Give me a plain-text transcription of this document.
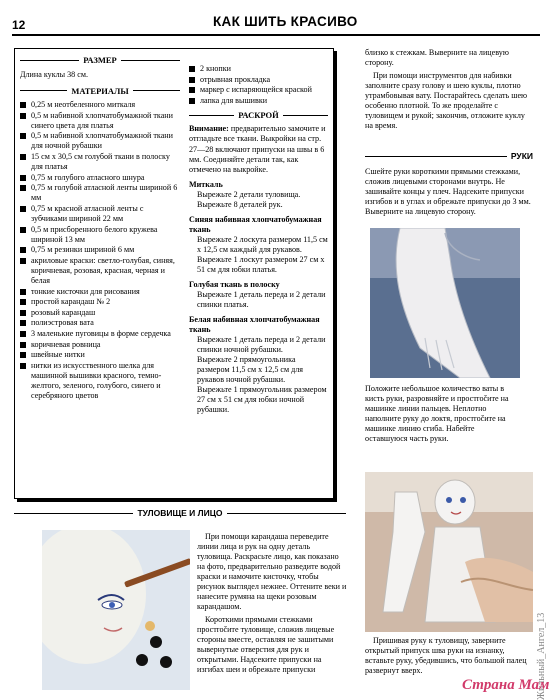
12	КАК ШИТЬ КРАСИВО
РАЗМЕР

Длина куклы 38 см.

МАТЕРИАЛЫ
0,25 м неотбеленного миткаля
0,5 м набивной хлопчатобумажной ткани синего цвета для платья
0,5 м набивной хлопчатобумажной ткани для ночной рубашки
15 см х 30,5 см голубой ткани в полоску для платья
0,75 м голубого атласного шнура
0,75 м голубой атласной ленты шириной 6 мм
0,75 м красной атласной ленты с зубчиками шириной 22 мм
0,5 м присборенного белого кружева шириной 13 мм
0,75 м резинки шириной 6 мм
акриловые краски: светло-голубая, синяя, коричневая, розовая, красная, черная и белая
тонкие кисточки для рисования
простой карандаш № 2
розовый карандаш
полиэстровая вата
3 маленькие пуговицы в форме сердечка
коричневая ровница
швейные нитки
нитки из искусственного шелка для машинной вышивки красного, темно-желтого, зеленого, голубого, синего и серебряного цветов
2 кнопки
отрывная прокладка
маркер с испаряющейся краской
лапка для вышивки
РАСКРОЙ

Внимание: предварительно замочите и отгладьте все ткани. Выкройки на стр. 27—28 включают припуски на швы в 6 мм. Соединяйте детали так, как отмечено на выкройке.

Миткаль

Вырежьте 2 детали туловища.

Вырежьте 8 деталей рук.

Синяя набивная хлопчатобумажная ткань

Вырежьте 2 лоскута размером 11,5 см х 12,5 см каждый для рукавов.

Вырежьте 1 лоскут размером 27 см х 51 см для юбки платья.

Голубая ткань в полоску

Вырежьте 1 деталь переда и 2 детали спинки платья.

Белая набивная хлопчатобумажная ткань

Вырежьте 1 деталь переда и 2 детали спинки ночной рубашки.

Вырежьте 2 прямоугольника размером 11,5 см х 12,5 см для рукавов ночной рубашки.

Вырежьте 1 прямоугольник размером 27 см х 51 см для юбки ночной рубашки.

ТУЛОВИЩЕ И ЛИЦО

При помощи карандаша переведите линии лица и рук на одну деталь туловища. Раскрасьте лицо, как показано на фото, предварительно разведите водой краски и намочите кисточку, чтобы рисунок выглядел нежнее. Оттените веки и нанесите румяна на щеки розовым карандашом.

Короткими прямыми стежками простročите туловище, сложив лицевые стороны вместе, оставляя не зашитыми вывернутые отверстия для рук и открытыми. Надсеките припуски на изгибах шеи и обрежьте припуски

близко к стежкам. Выверните на лицевую сторону.

При помощи инструментов для набивки заполните сразу голову и шею куклы, плотно утрамбовывая вату. Постарайтесь сделать шею особенно плотной. То же проделайте с туловищем и рукой; закончив, отложите куклу на время.

РУКИ

Сшейте руки короткими прямыми стежками, сложив лицевыми сторонами внутрь. Не зашивайте концы у плеч. Надсеките припуски изгибов и в углах и обрежьте припуски до 3 мм. Выверните на лицевую сторону.

Положите небольшое количество ваты в кисть руки, разровняйте и простročите на машинке линии пальцев. Неплотно наполните руку до локтя, простročите на машинке линию сгиба. Набейте оставшуюся часть руки.

Пришивая руку к туловищу, заверните открытый припуск шва руки на изнанку, вставьте руку, убедившись, что большой палец развернут вверх.	Жильный_Ангел_13
Страна Мам
